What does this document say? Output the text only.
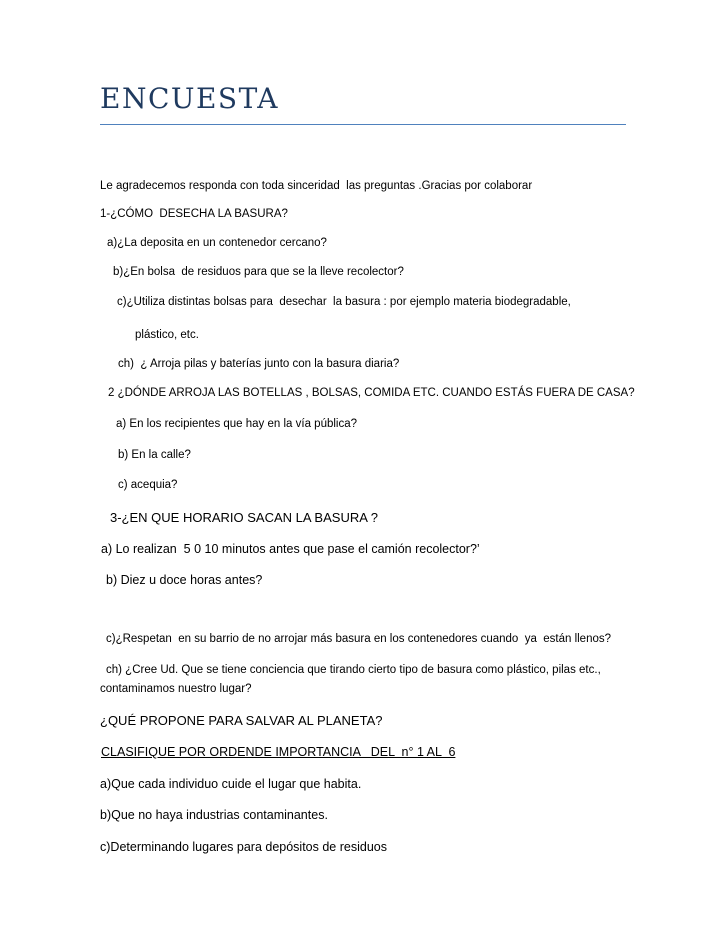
ENCUESTA
Le agradecemos responda con toda sinceridad  las preguntas .Gracias por colaborar
1-¿CÓMO  DESECHA LA BASURA?
a)¿La deposita en un contenedor cercano?
b)¿En bolsa  de residuos para que se la lleve recolector?
c)¿Utiliza distintas bolsas para  desechar  la basura : por ejemplo materia biodegradable,
plástico, etc.
ch)  ¿ Arroja pilas y baterías junto con la basura diaria?
2 ¿DÓNDE ARROJA LAS BOTELLAS , BOLSAS, COMIDA ETC. CUANDO ESTÁS FUERA DE CASA?
a) En los recipientes que hay en la vía pública?
b) En la calle?
c) acequia?
3-¿EN QUE HORARIO SACAN LA BASURA ?
a) Lo realizan  5 0 10 minutos antes que pase el camión recolector?’
b) Diez u doce horas antes?
c)¿Respetan  en su barrio de no arrojar más basura en los contenedores cuando  ya  están llenos?
ch) ¿Cree Ud. Que se tiene conciencia que tirando cierto tipo de basura como plástico, pilas etc.,
contaminamos nuestro lugar?
¿QUÉ PROPONE PARA SALVAR AL PLANETA?
CLASIFIQUE POR ORDENDE IMPORTANCIA   DEL  n° 1 AL  6
a)Que cada individuo cuide el lugar que habita.
b)Que no haya industrias contaminantes.
c)Determinando lugares para depósitos de residuos
